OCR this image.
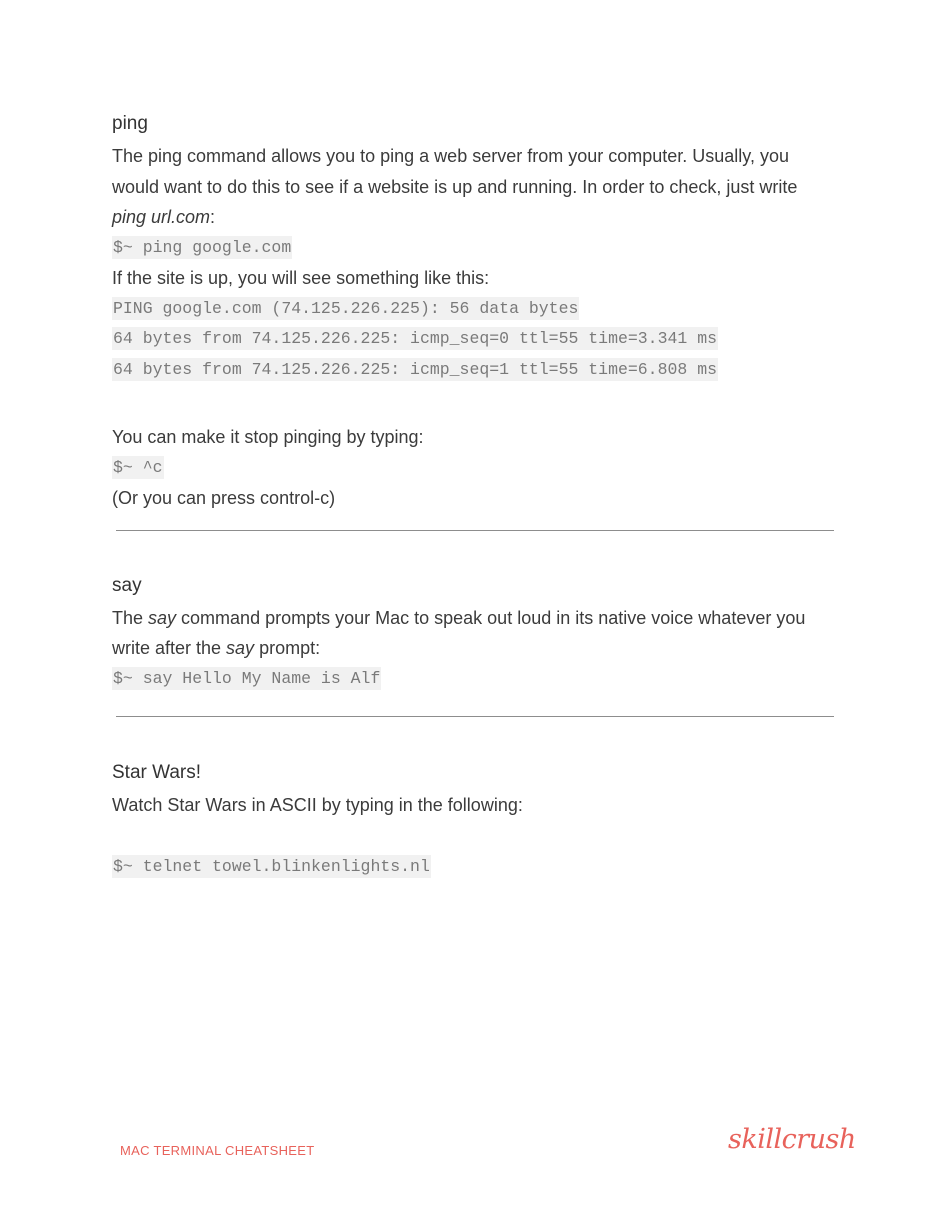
ping

The ping command allows you to ping a web server from your computer. Usually, you would want to do this to see if a website is up and running. In order to check, just write ping url.com:

$~ ping google.com

If the site is up, you will see something like this:

PING google.com (74.125.226.225): 56 data bytes
64 bytes from 74.125.226.225: icmp_seq=0 ttl=55 time=3.341 ms
64 bytes from 74.125.226.225: icmp_seq=1 ttl=55 time=6.808 ms

You can make it stop pinging by typing:

$~ ^c

(Or you can press control-c)

say

The say command prompts your Mac to speak out loud in its native voice whatever you write after the say prompt:

$~ say Hello My Name is Alf
Star Wars!

Watch Star Wars in ASCII by typing in the following:

$~ telnet towel.blinkenlights.nl
MAC TERMINAL CHEATSHEET	skillcrush
